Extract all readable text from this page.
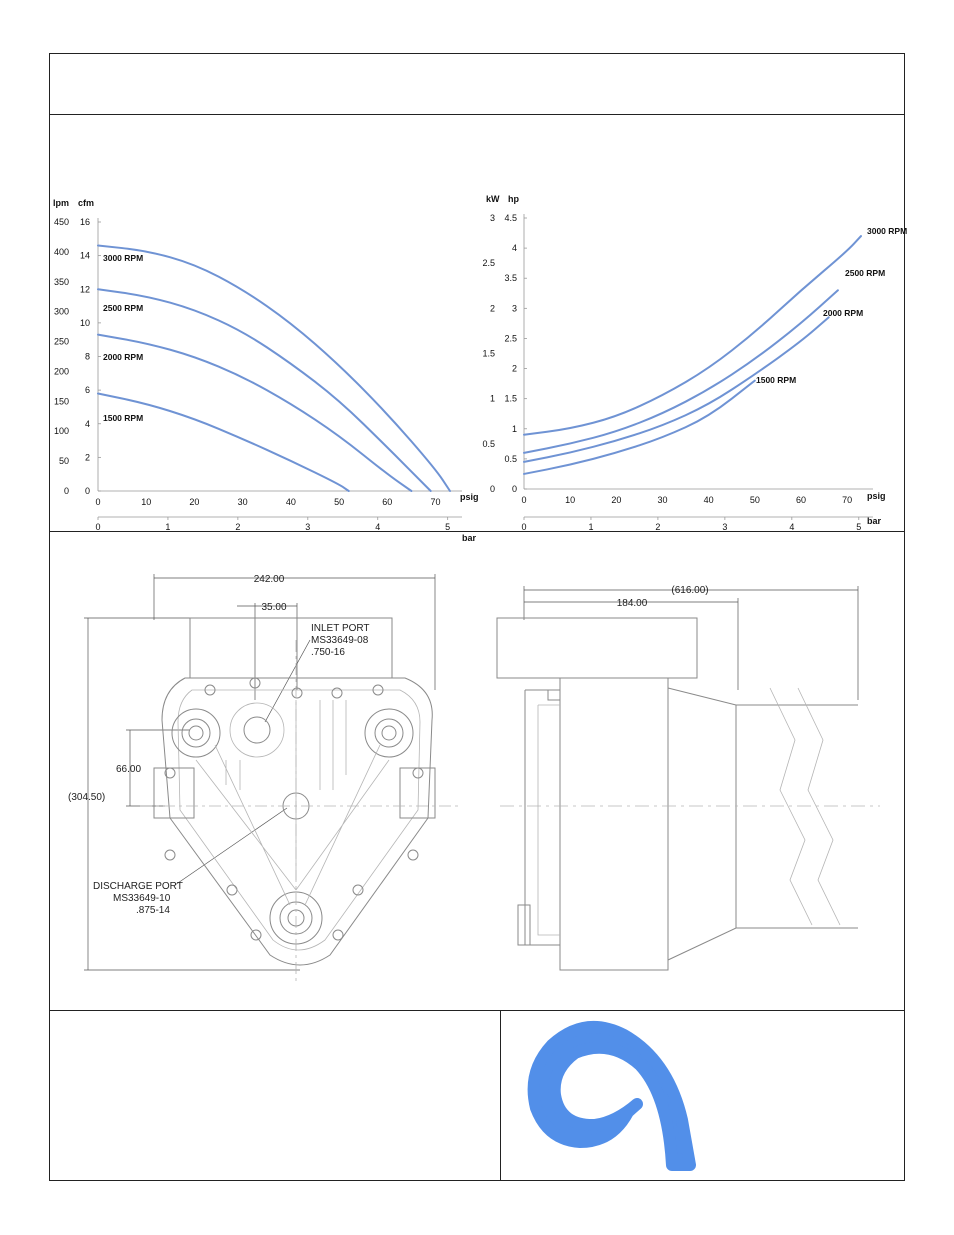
lpm cfm
psig
bar
450
400
350
300
250
200
150
100
50
0
16
14
12
10
8
6
4
2
0
0	10	20	30	40	50	60	70
0	1	2	3	4	5
3000 RPM
2500 RPM
2000 RPM
1500 RPM
kW hp
psig
bar
3
2.5
2
1.5
1
0.5
0
4.5
4
3.5
3
2.5
2
1.5
1
0.5
0
0	10	20	30	40	50	60	70
0	1	2	3	4	5
3000 RPM
2500 RPM
2000 RPM
1500 RPM
242.00
35.00
(304.50)
66.00
INLET PORT
MS33649-08
.750-16
DISCHARGE PORT
MS33649-10
.875-14
(616.00)
184.00
